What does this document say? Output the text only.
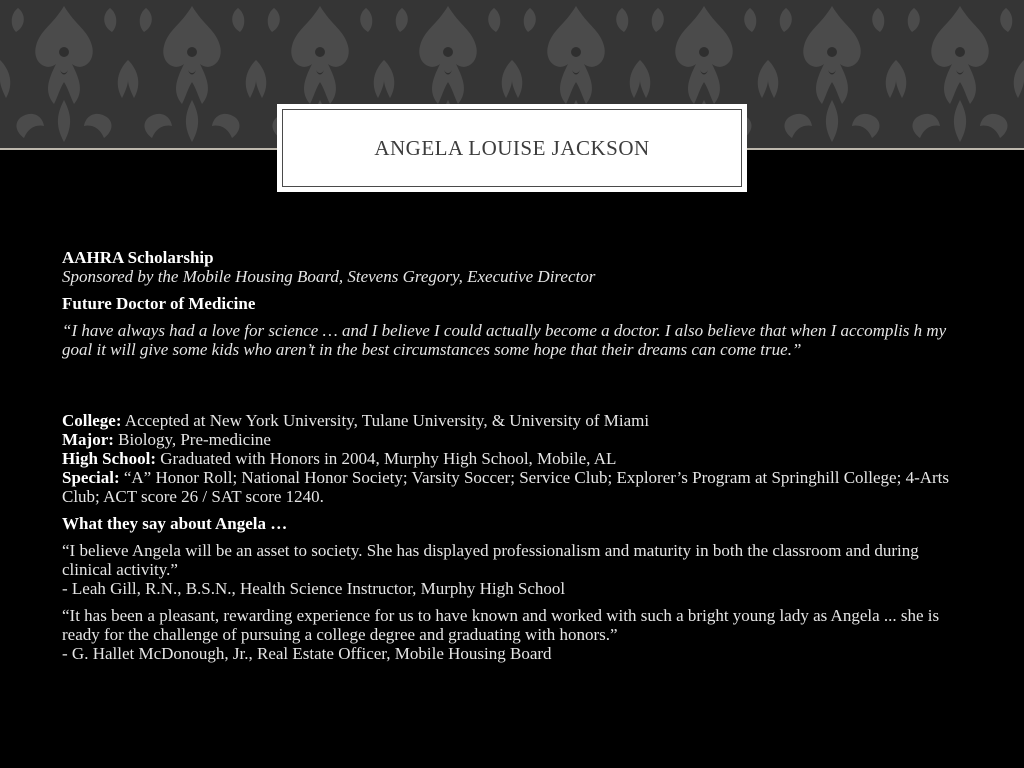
ANGELA LOUISE JACKSON

AAHRA Scholarship
Sponsored by the Mobile Housing Board, Stevens Gregory, Executive Director

Future Doctor of Medicine

“I have always had a love for science … and I believe I could actually become a doctor. I also believe that when I accomplis h my goal it will give some kids who aren’t in the best circumstances some hope that their dreams can come true.”

College: Accepted at New York University, Tulane University, & University of Miami
Major: Biology, Pre-medicine
High School: Graduated with Honors in 2004, Murphy High School, Mobile, AL
Special: “A” Honor Roll; National Honor Society; Varsity Soccer; Service Club; Explorer’s Program at Springhill College; 4-Arts Club; ACT score 26 / SAT score 1240.

What they say about Angela …

“I believe Angela will be an asset to society. She has displayed professionalism and maturity in both the classroom and during clinical activity.”
- Leah Gill, R.N., B.S.N., Health Science Instructor, Murphy High School

“It has been a pleasant, rewarding experience for us to have known and worked with such a bright young lady as Angela ... she is ready for the challenge of pursuing a college degree and graduating with honors.”
- G. Hallet McDonough, Jr., Real Estate Officer, Mobile Housing Board
